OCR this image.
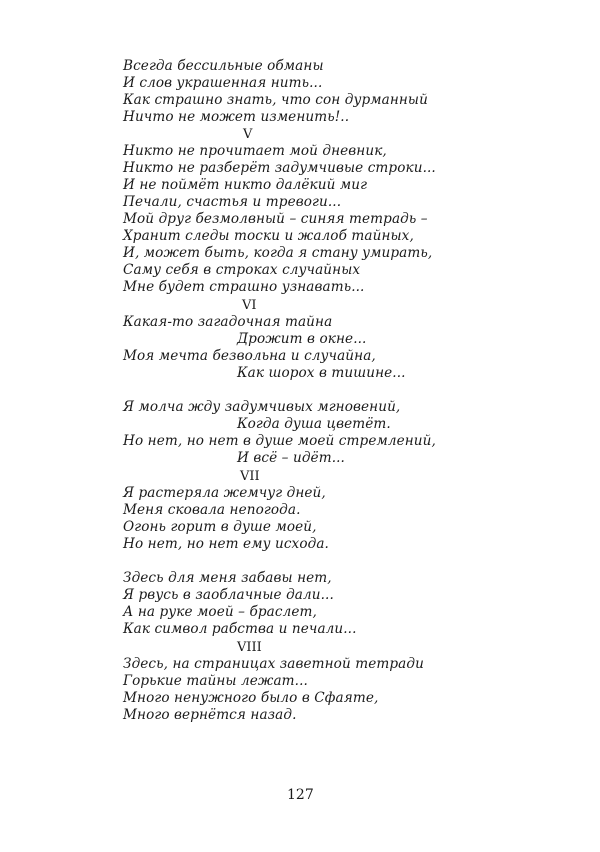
Всегда бессильные обманы
И слов украшенная нить...
Как страшно знать, что сон дурманный
Ничто не может изменить!..
V
Никто не прочитает мой дневник,
Никто не разберёт задумчивые строки...
И не поймёт никто далёкий миг
Печали, счастья и тревоги...
Мой друг безмолвный – синяя тетрадь –
Хранит следы тоски и жалоб тайных,
И, может быть, когда я стану умирать,
Саму себя в строках случайных
Мне будет страшно узнавать...
VI
Какая-то загадочная тайна
Дрожит в окне...
Моя мечта безвольна и случайна,
Как шорох в тишине...
Я молча жду задумчивых мгновений,
Когда душа цветёт.
Но нет, но нет в душе моей стремлений,
И всё – идёт...
VII
Я растеряла жемчуг дней,
Меня сковала непогода.
Огонь горит в душе моей,
Но нет, но нет ему исхода.
Здесь для меня забавы нет,
Я рвусь в заоблачные дали...
А на руке моей – браслет,
Как символ рабства и печали...
VIII
Здесь, на страницах заветной тетради
Горькие тайны лежат...
Много ненужного было в Сфаяте,
Много вернётся назад.
127
